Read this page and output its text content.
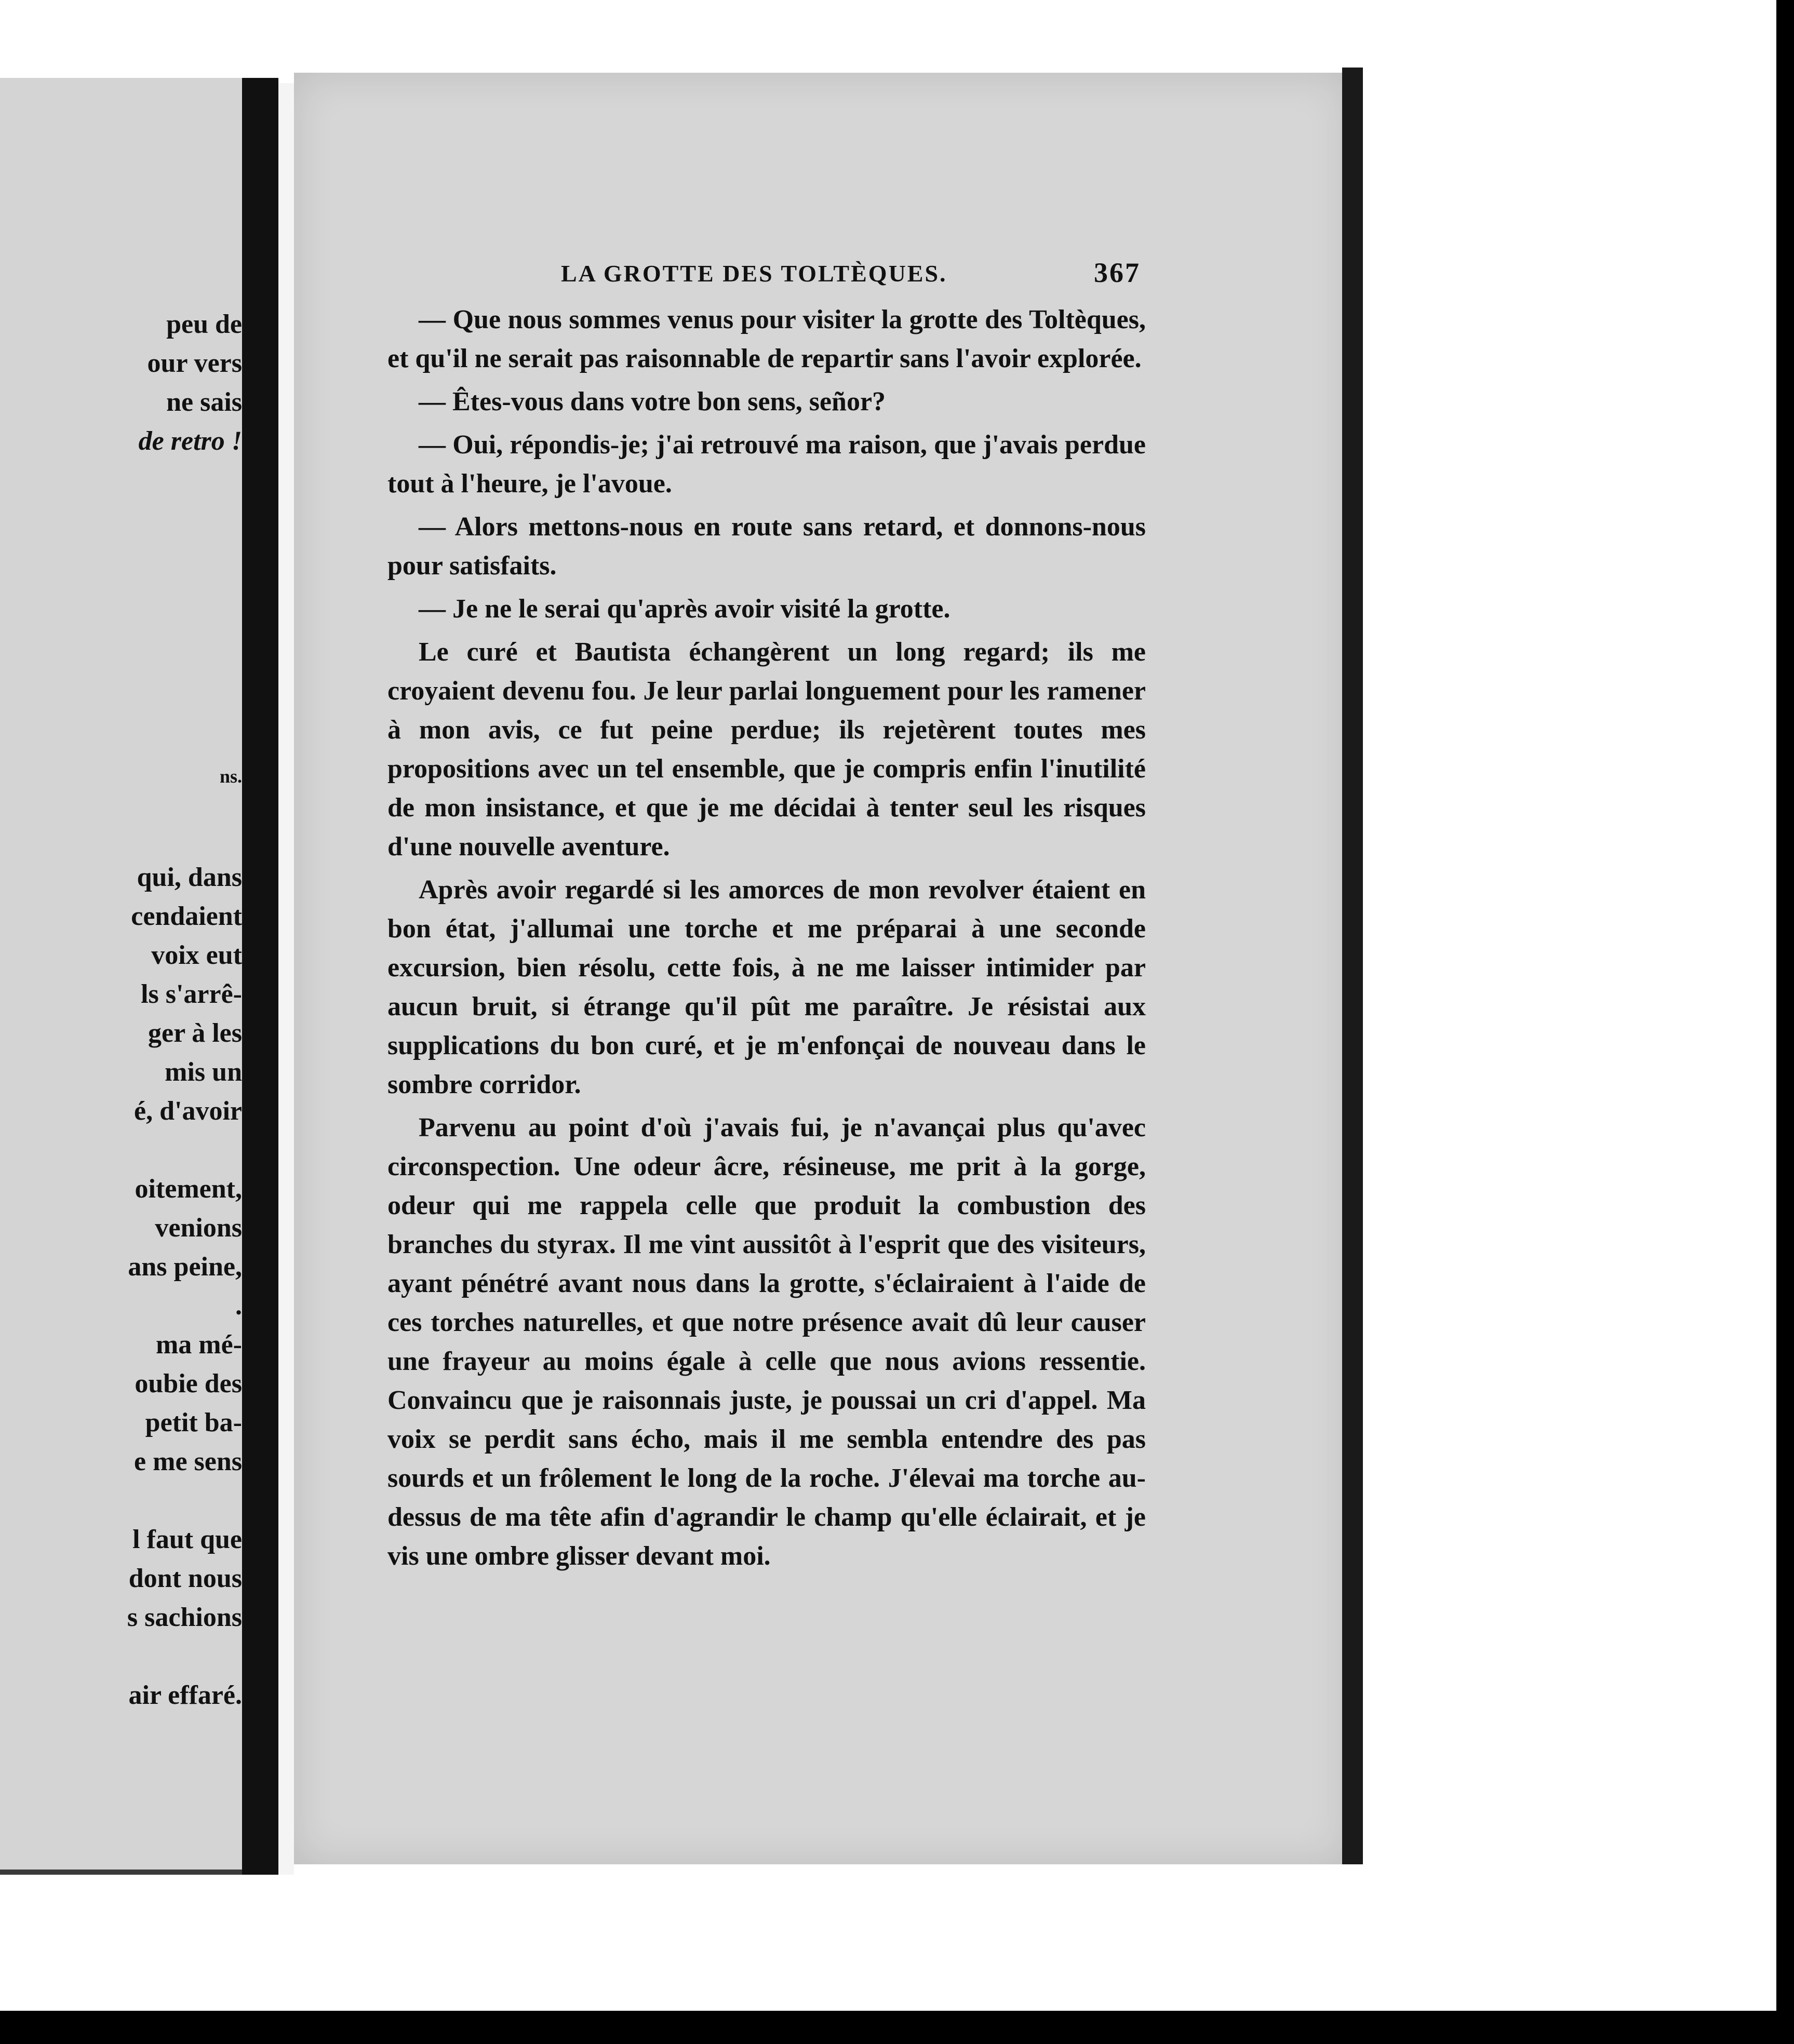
peu de
our vers
ne sais
de retro !
ns.
qui, dans
cendaient
voix eut
ls s'arrê-
ger à les
mis un
é, d'avoir
oitement,
venions
ans peine,
.
ma mé-
oubie des
petit ba-
e me sens
l faut que
dont nous
s sachions
air effaré.
LA GROTTE DES TOLTÈQUES.	367

— Que nous sommes venus pour visiter la grotte des Toltèques, et qu'il ne serait pas raisonnable de repartir sans l'avoir explorée.

— Êtes-vous dans votre bon sens, señor?

— Oui, répondis-je; j'ai retrouvé ma raison, que j'avais perdue tout à l'heure, je l'avoue.

— Alors mettons-nous en route sans retard, et donnons-nous pour satisfaits.

— Je ne le serai qu'après avoir visité la grotte.

Le curé et Bautista échangèrent un long regard; ils me croyaient devenu fou. Je leur parlai longuement pour les ramener à mon avis, ce fut peine perdue; ils rejetèrent toutes mes propositions avec un tel ensemble, que je compris enfin l'inutilité de mon insistance, et que je me décidai à tenter seul les risques d'une nouvelle aventure.

Après avoir regardé si les amorces de mon revolver étaient en bon état, j'allumai une torche et me préparai à une seconde excursion, bien résolu, cette fois, à ne me laisser intimider par aucun bruit, si étrange qu'il pût me paraître. Je résistai aux supplications du bon curé, et je m'enfonçai de nouveau dans le sombre corridor.

Parvenu au point d'où j'avais fui, je n'avançai plus qu'avec circonspection. Une odeur âcre, résineuse, me prit à la gorge, odeur qui me rappela celle que produit la combustion des branches du styrax. Il me vint aussitôt à l'esprit que des visiteurs, ayant pénétré avant nous dans la grotte, s'éclairaient à l'aide de ces torches naturelles, et que notre présence avait dû leur causer une frayeur au moins égale à celle que nous avions ressentie. Convaincu que je raisonnais juste, je poussai un cri d'appel. Ma voix se perdit sans écho, mais il me sembla entendre des pas sourds et un frôlement le long de la roche. J'élevai ma torche au-dessus de ma tête afin d'agrandir le champ qu'elle éclairait, et je vis une ombre glisser devant moi.
